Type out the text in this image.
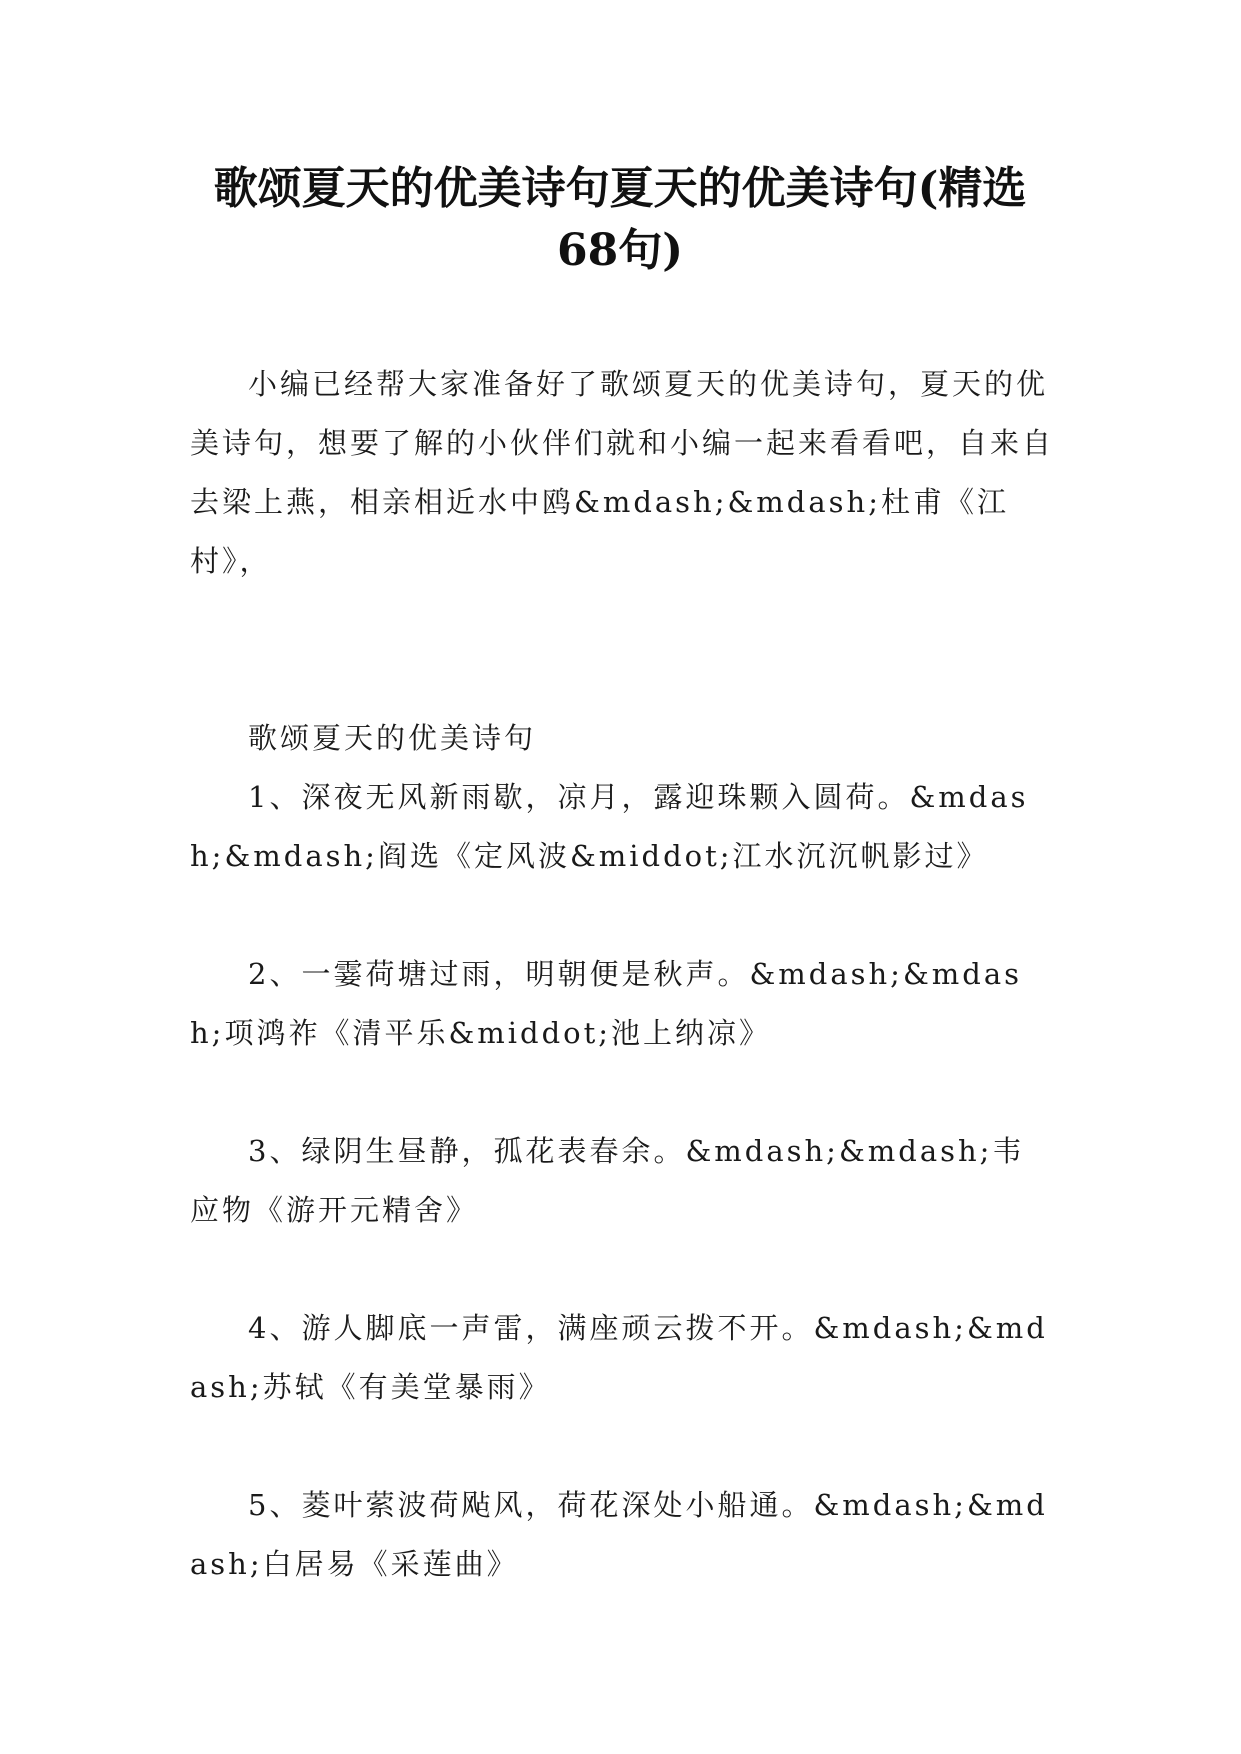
歌颂夏天的优美诗句夏天的优美诗句(精选
68句)

小编已经帮大家准备好了歌颂夏天的优美诗句，夏天的优美诗句，想要了解的小伙伴们就和小编一起来看看吧，自来自去梁上燕，相亲相近水中鸥&mdash;&mdash;杜甫《江村》，

歌颂夏天的优美诗句

1、深夜无风新雨歇，凉月，露迎珠颗入圆荷。&mdash;&mdash;阎选《定风波&middot;江水沉沉帆影过》

2、一霎荷塘过雨，明朝便是秋声。&mdash;&mdash;项鸿祚《清平乐&middot;池上纳凉》

3、绿阴生昼静，孤花表春余。&mdash;&mdash;韦应物《游开元精舍》

4、游人脚底一声雷，满座顽云拨不开。&mdash;&mdash;苏轼《有美堂暴雨》

5、菱叶萦波荷飐风，荷花深处小船通。&mdash;&mdash;白居易《采莲曲》
